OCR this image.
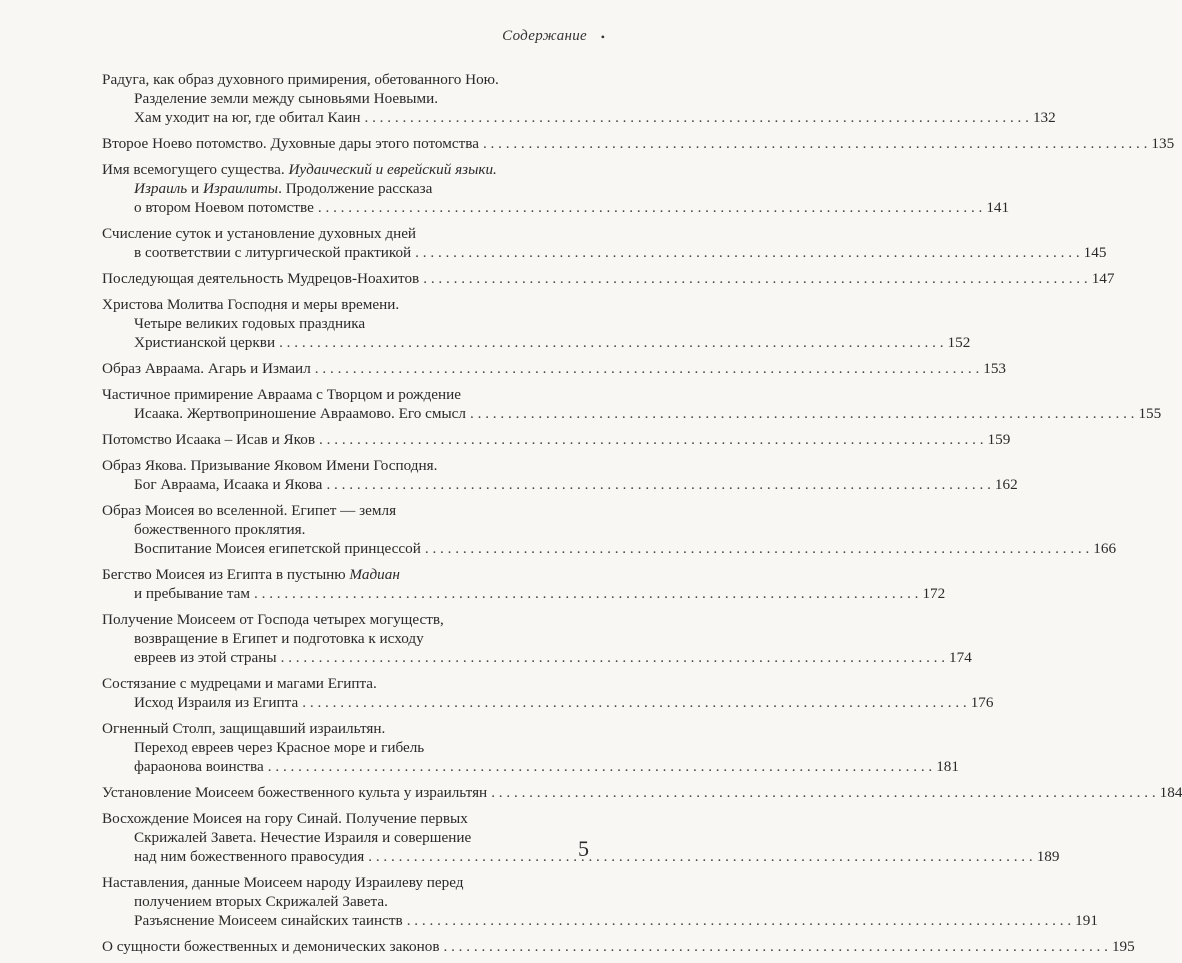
Содержание •
Радуга, как образ духовного примирения, обетованного Ною.
Разделение земли между сыновьями Ноевыми.
Хам уходит на юг, где обитал Каин . . .	132
Второе Ноево потомство. Духовные дары этого потомства . . .	135
Имя всемогущего существа. Иудаический и еврейский языки.
Израиль и Израилиты. Продолжение рассказа
о втором Ноевом потомстве . . .	141
Счисление суток и установление духовных дней
в соответствии с литургической практикой . . .	145
Последующая деятельность Мудрецов-Ноахитов . . .	147
Христова Молитва Господня и меры времени.
Четыре великих годовых праздника
Христианской церкви . . .	152
Образ Авраама. Агарь и Измаил . . .	153
Частичное примирение Авраама с Творцом и рождение
Исаака. Жертвоприношение Авраамово. Его смысл . . .	155
Потомство Исаака – Исав и Яков . . .	159
Образ Якова. Призывание Яковом Имени Господня.
Бог Авраама, Исаака и Якова . . .	162
Образ Моисея во вселенной. Египет — земля
божественного проклятия.
Воспитание Моисея египетской принцессой . . .	166
Бегство Моисея из Египта в пустыню Мадиан
и пребывание там . . .	172
Получение Моисеем от Господа четырех могуществ,
возвращение в Египет и подготовка к исходу
евреев из этой страны . . .	174
Состязание с мудрецами и магами Египта.
Исход Израиля из Египта . . .	176
Огненный Столп, защищавший израильтян.
Переход евреев через Красное море и гибель
фараонова воинства . . .	181
Установление Моисеем божественного культа у израильтян . . .	184
Восхождение Моисея на гору Синай. Получение первых
Скрижалей Завета. Нечестие Израиля и совершение
над ним божественного правосудия . . .	189
Наставления, данные Моисеем народу Израилеву перед
получением вторых Скрижалей Завета.
Разъяснение Моисеем синайских таинств . . .	191
О сущности божественных и демонических законов . . .	195
5
